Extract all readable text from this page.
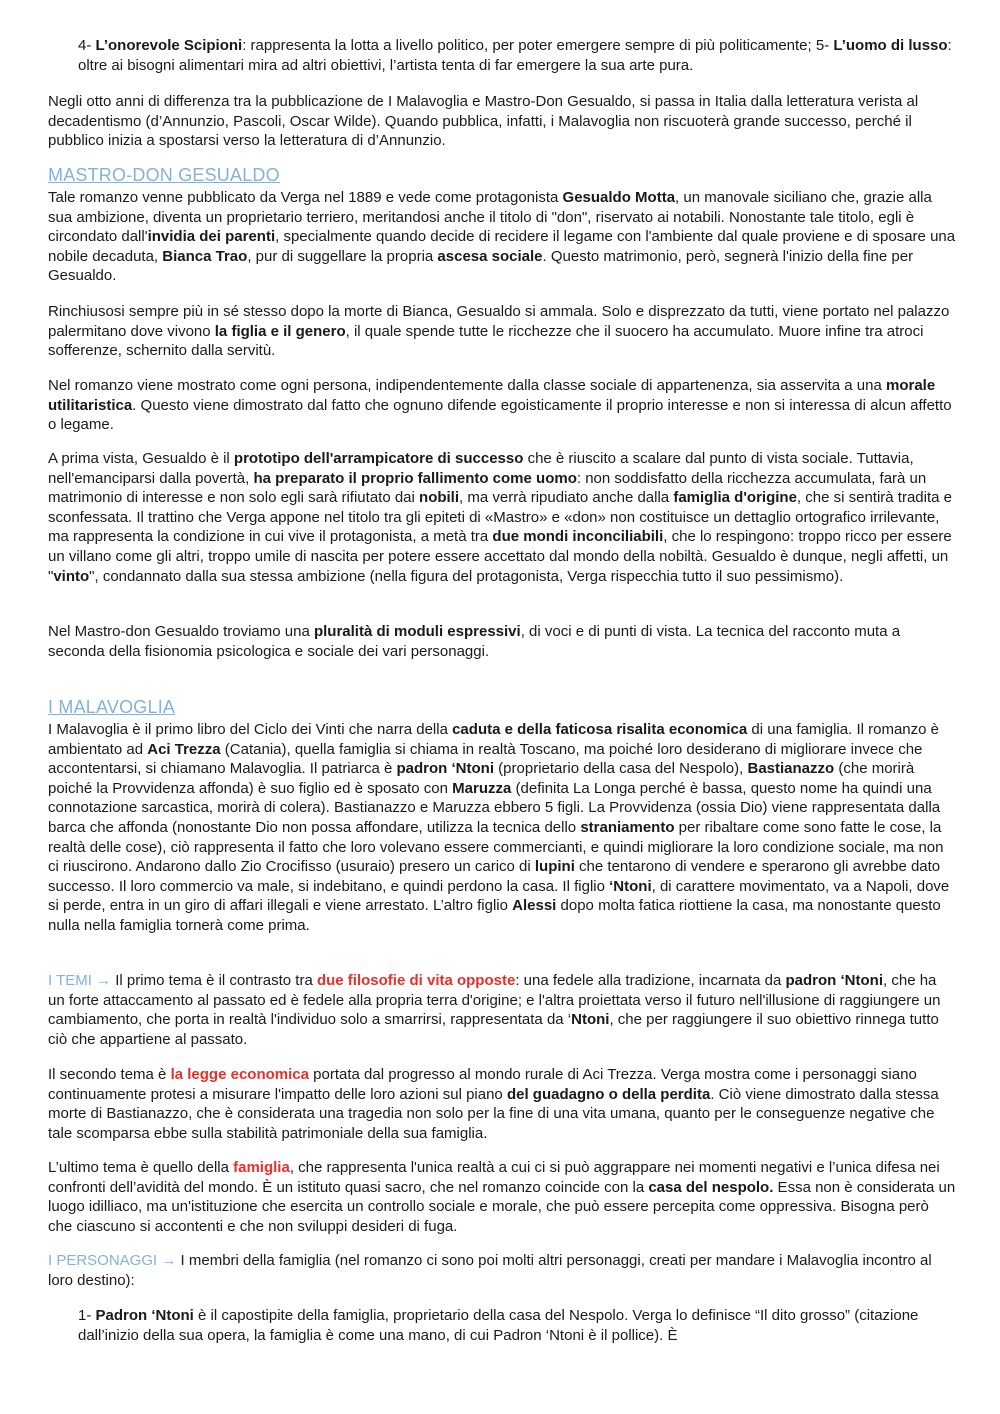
4- L’onorevole Scipioni: rappresenta la lotta a livello politico, per poter emergere sempre di più politicamente; 5- L’uomo di lusso: oltre ai bisogni alimentari mira ad altri obiettivi, l’artista tenta di far emergere la sua arte pura.

Negli otto anni di differenza tra la pubblicazione de I Malavoglia e Mastro-Don Gesualdo, si passa in Italia dalla letteratura verista al decadentismo (d’Annunzio, Pascoli, Oscar Wilde). Quando pubblica, infatti, i Malavoglia non riscuoterà grande successo, perché il pubblico inizia a spostarsi verso la letteratura di d’Annunzio.

MASTRO-DON GESUALDO

Tale romanzo venne pubblicato da Verga nel 1889 e vede come protagonista Gesualdo Motta, un manovale siciliano che, grazie alla sua ambizione, diventa un proprietario terriero, meritandosi anche il titolo di "don", riservato ai notabili. Nonostante tale titolo, egli è circondato dall'invidia dei parenti, specialmente quando decide di recidere il legame con l'ambiente dal quale proviene e di sposare una nobile decaduta, Bianca Trao, pur di suggellare la propria ascesa sociale. Questo matrimonio, però, segnerà l'inizio della fine per Gesualdo.

Rinchiusosi sempre più in sé stesso dopo la morte di Bianca, Gesualdo si ammala. Solo e disprezzato da tutti, viene portato nel palazzo palermitano dove vivono la figlia e il genero, il quale spende tutte le ricchezze che il suocero ha accumulato. Muore infine tra atroci sofferenze, schernito dalla servitù.

Nel romanzo viene mostrato come ogni persona, indipendentemente dalla classe sociale di appartenenza, sia asservita a una morale utilitaristica. Questo viene dimostrato dal fatto che ognuno difende egoisticamente il proprio interesse e non si interessa di alcun affetto o legame.

A prima vista, Gesualdo è il prototipo dell'arrampicatore di successo che è riuscito a scalare dal punto di vista sociale. Tuttavia, nell'emanciparsi dalla povertà, ha preparato il proprio fallimento come uomo: non soddisfatto della ricchezza accumulata, farà un matrimonio di interesse e non solo egli sarà rifiutato dai nobili, ma verrà ripudiato anche dalla famiglia d'origine, che si sentirà tradita e sconfessata. Il trattino che Verga appone nel titolo tra gli epiteti di «Mastro» e «don» non costituisce un dettaglio ortografico irrilevante, ma rappresenta la condizione in cui vive il protagonista, a metà tra due mondi inconciliabili, che lo respingono: troppo ricco per essere un villano come gli altri, troppo umile di nascita per potere essere accettato dal mondo della nobiltà. Gesualdo è dunque, negli affetti, un "vinto", condannato dalla sua stessa ambizione (nella figura del protagonista, Verga rispecchia tutto il suo pessimismo).

Nel Mastro-don Gesualdo troviamo una pluralità di moduli espressivi, di voci e di punti di vista. La tecnica del racconto muta a seconda della fisionomia psicologica e sociale dei vari personaggi.

I MALAVOGLIA

I Malavoglia è il primo libro del Ciclo dei Vinti che narra della caduta e della faticosa risalita economica di una famiglia. Il romanzo è ambientato ad Aci Trezza (Catania), quella famiglia si chiama in realtà Toscano, ma poiché loro desiderano di migliorare invece che accontentarsi, si chiamano Malavoglia. Il patriarca è padron ‘Ntoni (proprietario della casa del Nespolo), Bastianazzo (che morirà poiché la Provvidenza affonda) è suo figlio ed è sposato con Maruzza (definita La Longa perché è bassa, questo nome ha quindi una connotazione sarcastica, morirà di colera). Bastianazzo e Maruzza ebbero 5 figli. La Provvidenza (ossia Dio) viene rappresentata dalla barca che affonda (nonostante Dio non possa affondare, utilizza la tecnica dello straniamento per ribaltare come sono fatte le cose, la realtà delle cose), ciò rappresenta il fatto che loro volevano essere commercianti, e quindi migliorare la loro condizione sociale, ma non ci riuscirono. Andarono dallo Zio Crocifisso (usuraio) presero un carico di lupini che tentarono di vendere e sperarono gli avrebbe dato successo. Il loro commercio va male, si indebitano, e quindi perdono la casa. Il figlio ‘Ntoni, di carattere movimentato, va a Napoli, dove si perde, entra in un giro di affari illegali e viene arrestato. L’altro figlio Alessi dopo molta fatica riottiene la casa, ma nonostante questo nulla nella famiglia tornerà come prima.

I TEMI → Il primo tema è il contrasto tra due filosofie di vita opposte: una fedele alla tradizione, incarnata da padron ‘Ntoni, che ha un forte attaccamento al passato ed è fedele alla propria terra d'origine; e l'altra proiettata verso il futuro nell'illusione di raggiungere un cambiamento, che porta in realtà l'individuo solo a smarrirsi, rappresentata da ‘Ntoni, che per raggiungere il suo obiettivo rinnega tutto ciò che appartiene al passato.

Il secondo tema è la legge economica portata dal progresso al mondo rurale di Aci Trezza. Verga mostra come i personaggi siano continuamente protesi a misurare l'impatto delle loro azioni sul piano del guadagno o della perdita. Ciò viene dimostrato dalla stessa morte di Bastianazzo, che è considerata una tragedia non solo per la fine di una vita umana, quanto per le conseguenze negative che tale scomparsa ebbe sulla stabilità patrimoniale della sua famiglia.

L’ultimo tema è quello della famiglia, che rappresenta l'unica realtà a cui ci si può aggrappare nei momenti negativi e l’unica difesa nei confronti dell’avidità del mondo. È un istituto quasi sacro, che nel romanzo coincide con la casa del nespolo. Essa non è considerata un luogo idilliaco, ma un'istituzione che esercita un controllo sociale e morale, che può essere percepita come oppressiva. Bisogna però che ciascuno si accontenti e che non sviluppi desideri di fuga.

I PERSONAGGI → I membri della famiglia (nel romanzo ci sono poi molti altri personaggi, creati per mandare i Malavoglia incontro al loro destino):

1- Padron ‘Ntoni è il capostipite della famiglia, proprietario della casa del Nespolo. Verga lo definisce “Il dito grosso” (citazione dall’inizio della sua opera, la famiglia è come una mano, di cui Padron ‘Ntoni è il pollice). È
